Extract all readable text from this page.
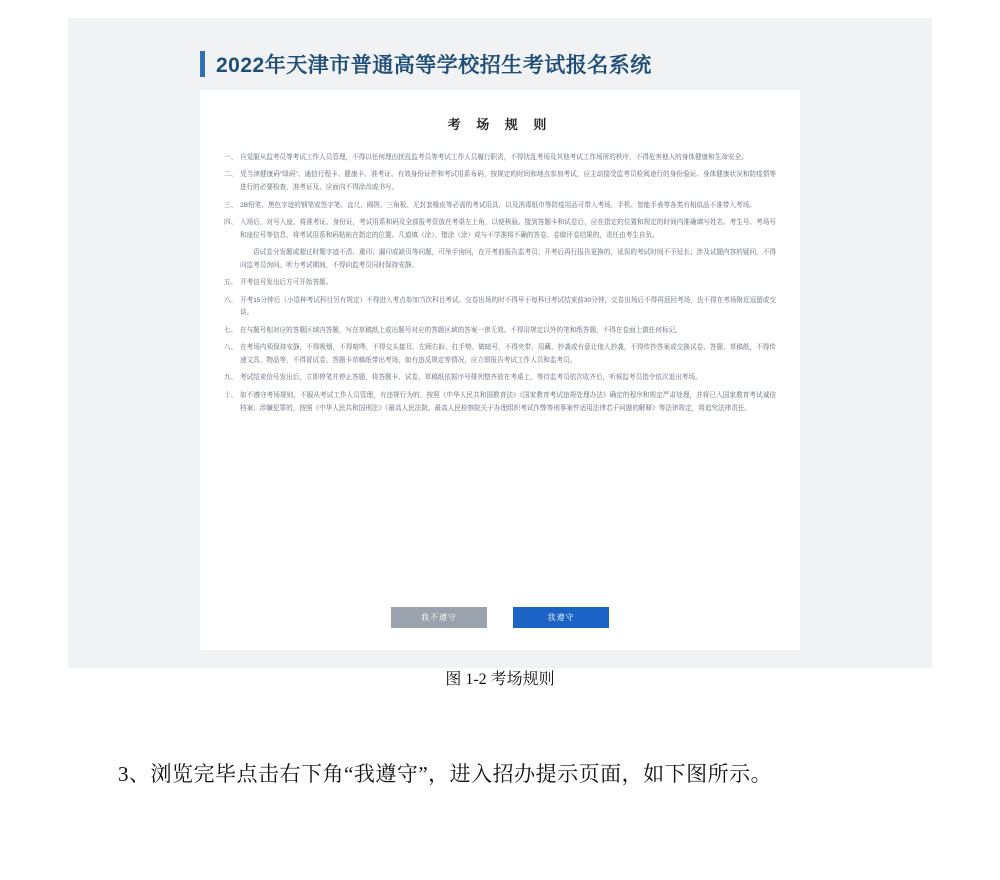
2022年天津市普通高等学校招生考试报名系统
考 场 规 则
一、 自觉服从监考员等考试工作人员管理，不得以任何理由扰乱监考员等考试工作人员履行职责，不得扰乱考场及其他考试工作场所的秩序，不得危害他人的身体健康和生命安全。
二、 凭当津健康码"绿码"、通信行程卡、健康卡、准考证、有效身份证件和考试用系布码，按规定的时间和地点参加考试，应主动接受监考员检阅途行的身份验证、身体健康状况和防疫情等进行的必要检查，准考证及、应面向不得涂改或书写。
三、 2B铅笔、黑色字迹的钢笔或签字笔、直尺、圆规、三角板、无封套橡皮等必需的考试用具，以及消毒纸巾等防疫用品可带入考场，手机、智能手表等各类有相似品不准带入考场。
四、 入场后，对号入座，将准考证、身份证，考试用系和码及全部报考资放在考桌左上角，以便核验。接到答题卡和试卷后，应在指定的位置和规定的时间内准确填写姓名、考生号、考场号和座位号等信息，将考试用系和码粘贴在指定的位置。几道填（涂）、错涂（涂）或与不学准将不确的答卷、卷做评卷结果的，责任由考生自负。
语试卷分发题或超过时题字迹不清、重印、漏印或缺页等问题，可举手询问，在开考前报告监考员；开考后再行报告更换的，延误的考试时间不予延长；涉及试题内容的疑问，不得向监考员询问。听力考试期间，不得向监考员同时保持安静。
五、 开考信号发出后方可开始答题。
六、 开考15分钟后（小语种考试科目另有规定）不得进入考点参加当次科目考试。交卷出场的时不得早于每科目考试结束前30分钟，交卷出场后不得再返回考场，也不得在考场附近逗留或交谈。
七、 在与题号相对应的答题区域内答题，写在草稿纸上或出题号对应的答题区域的答案一律无效。不得用规定以外的笔和纸答题，不得在卷面上做任何标记。
八、 在考场内须保持安静，不得吸烟，不得喧哗，不得交头接耳、左顾右盼、打手势、做暗号，不得夹带、用藏、抄袭或有意让他人抄袭，不得传抄答案或交换试卷、答题、草稿纸，不得传递文具、物品等，不得冒试卷、答题卡草稿纸带出考场，如有违反规定等情况，应立即报告考试工作人员和监考员。
九、 考试结束信号发出后，立即停笔并停止答题，将答题卡、试卷、草稿纸依据序号排列整齐放在考桌上，等待监考员依次收齐后，听候监考员指令依次退出考场。
十、 如不遵守考场规则，不服从考试工作人员管理，有违规行为的，按照《中华人民共和国教育法》《国家教育考试违规处理办法》确定的程序和规定严肃处理，并将已入国家教育考试诚信档案；涉嫌犯罪的，按照《中华人民共和国刑法》《最高人民法院、最高人民检察院关于办理组织考试作弊等刑事案件适用法律若干问题的解释》等法律规定，将追究法律责任。
我不遵守	我遵守
图 1-2 考场规则
3、浏览完毕点击右下角“我遵守”，进入招办提示页面，如下图所示。
